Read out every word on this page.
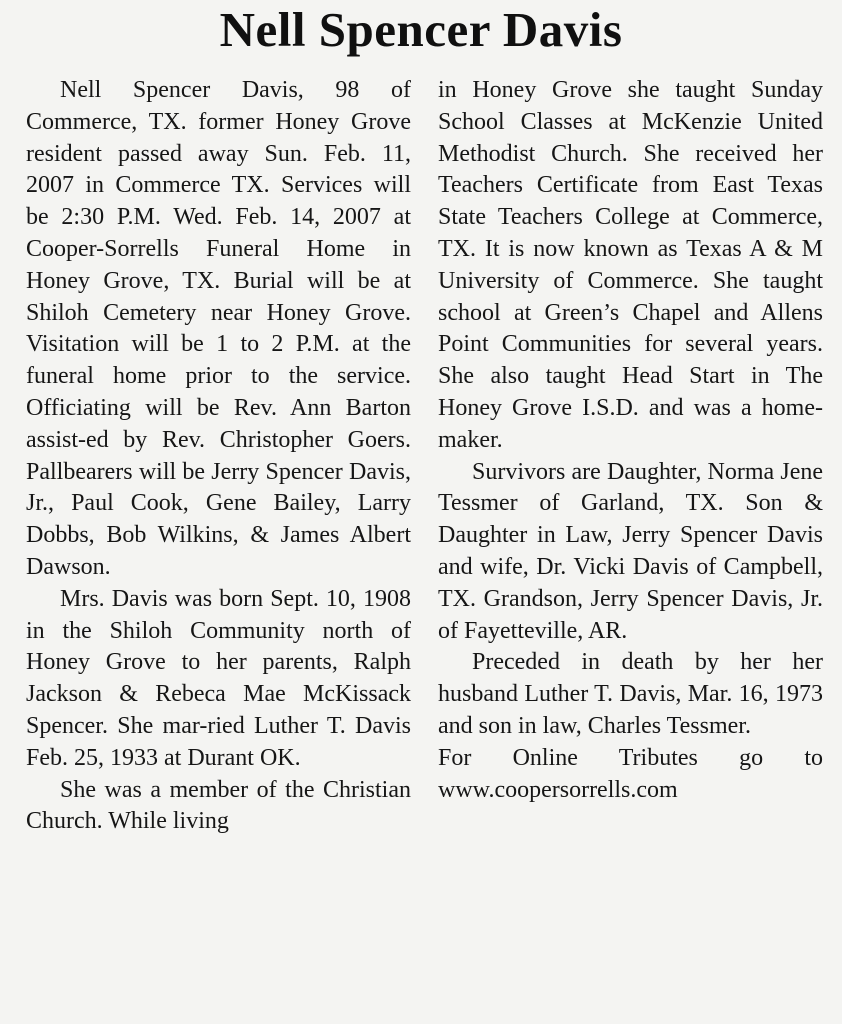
Nell Spencer Davis

Nell Spencer Davis, 98 of Commerce, TX. former Honey Grove resident passed away Sun. Feb. 11, 2007 in Commerce TX. Services will be 2:30 P.M. Wed. Feb. 14, 2007 at Cooper-Sorrells Funeral Home in Honey Grove, TX. Burial will be at Shiloh Cemetery near Honey Grove. Visitation will be 1 to 2 P.M. at the funeral home prior to the service. Officiating will be Rev. Ann Barton assist-ed by Rev. Christopher Goers. Pallbearers will be Jerry Spencer Davis, Jr., Paul Cook, Gene Bailey, Larry Dobbs, Bob Wilkins, & James Albert Dawson.

Mrs. Davis was born Sept. 10, 1908 in the Shiloh Community north of Honey Grove to her parents, Ralph Jackson & Rebeca Mae McKissack Spencer. She mar-ried Luther T. Davis Feb. 25, 1933 at Durant OK.

She was a member of the Christian Church. While living

in Honey Grove she taught Sunday School Classes at McKenzie United Methodist Church. She received her Teachers Certificate from East Texas State Teachers College at Commerce, TX. It is now known as Texas A & M University of Commerce. She taught school at Green’s Chapel and Allens Point Communities for several years. She also taught Head Start in The Honey Grove I.S.D. and was a home-maker.

Survivors are Daughter, Norma Jene Tessmer of Garland, TX. Son & Daughter in Law, Jerry Spencer Davis and wife, Dr. Vicki Davis of Campbell, TX. Grandson, Jerry Spencer Davis, Jr. of Fayetteville, AR.

Preceded in death by her her husband Luther T. Davis, Mar. 16, 1973 and son in law, Charles Tessmer.

For Online Tributes go to www.coopersorrells.com
